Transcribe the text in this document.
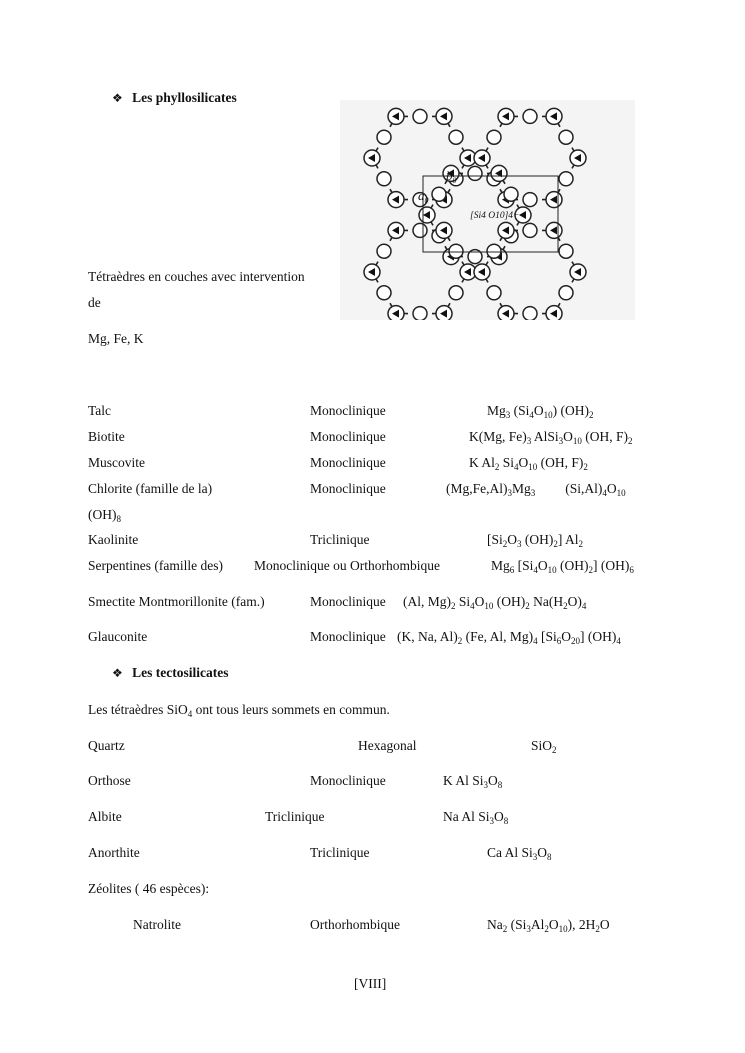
❖ Les phyllosilicates
$a_0$
$b_0$
[Si4 O10]4−
Tétraèdres en couches avec intervention
de
Mg, Fe, K
Talc	Monoclinique	$Mg_3$ $(Si_4O_{10})$ $(OH)_2$
Biotite	Monoclinique	K(Mg, $Fe)_3$ $AlSi_3O_{10}$ (OH, $F)_2$
Muscovite	Monoclinique	K $Al_2$ $Si_4O_{10}$ (OH, $F)_2$
Chlorite (famille de la)	Monoclinique	$(Mg,Fe,Al)_3Mg_3$ $(Si,Al)_4O_{10}$
$(OH)_8$
Kaolinite	Triclinique	[$Si_2O_3$ $(OH)_2$] $Al_2$
Serpentines (famille des) Monoclinique ou Orthorhombique	$Mg_6$ [$Si_4O_{10}$ $(OH)_2$] $(OH)_6$
Smectite Montmorillonite (fam.)	Monoclinique (Al, $Mg)_2$ $Si_4O_{10}$ $(OH)_2$ $Na(H_2O)_4$
Glauconite	Monoclinique (K, Na, $Al)_2$ (Fe, Al, $Mg)_4$ $[Si_6O_{20}]$ $(OH)_4$
❖ Les tectosilicates
Les tétraèdres SiO$_4$ ont tous leurs sommets en commun.
Quartz	Hexagonal	SiO$_2$
Orthose	Monoclinique	K Al $Si_3O_8$
Albite	Triclinique	Na Al $Si_3O_8$
Anorthite	Triclinique	Ca Al $Si_3O_8$
Zéolites ( 46 espèces):
Natrolite	Orthorhombique	$Na_2$ $(Si_3Al_2O_{10})$, $2H_2O$
[VIII]
